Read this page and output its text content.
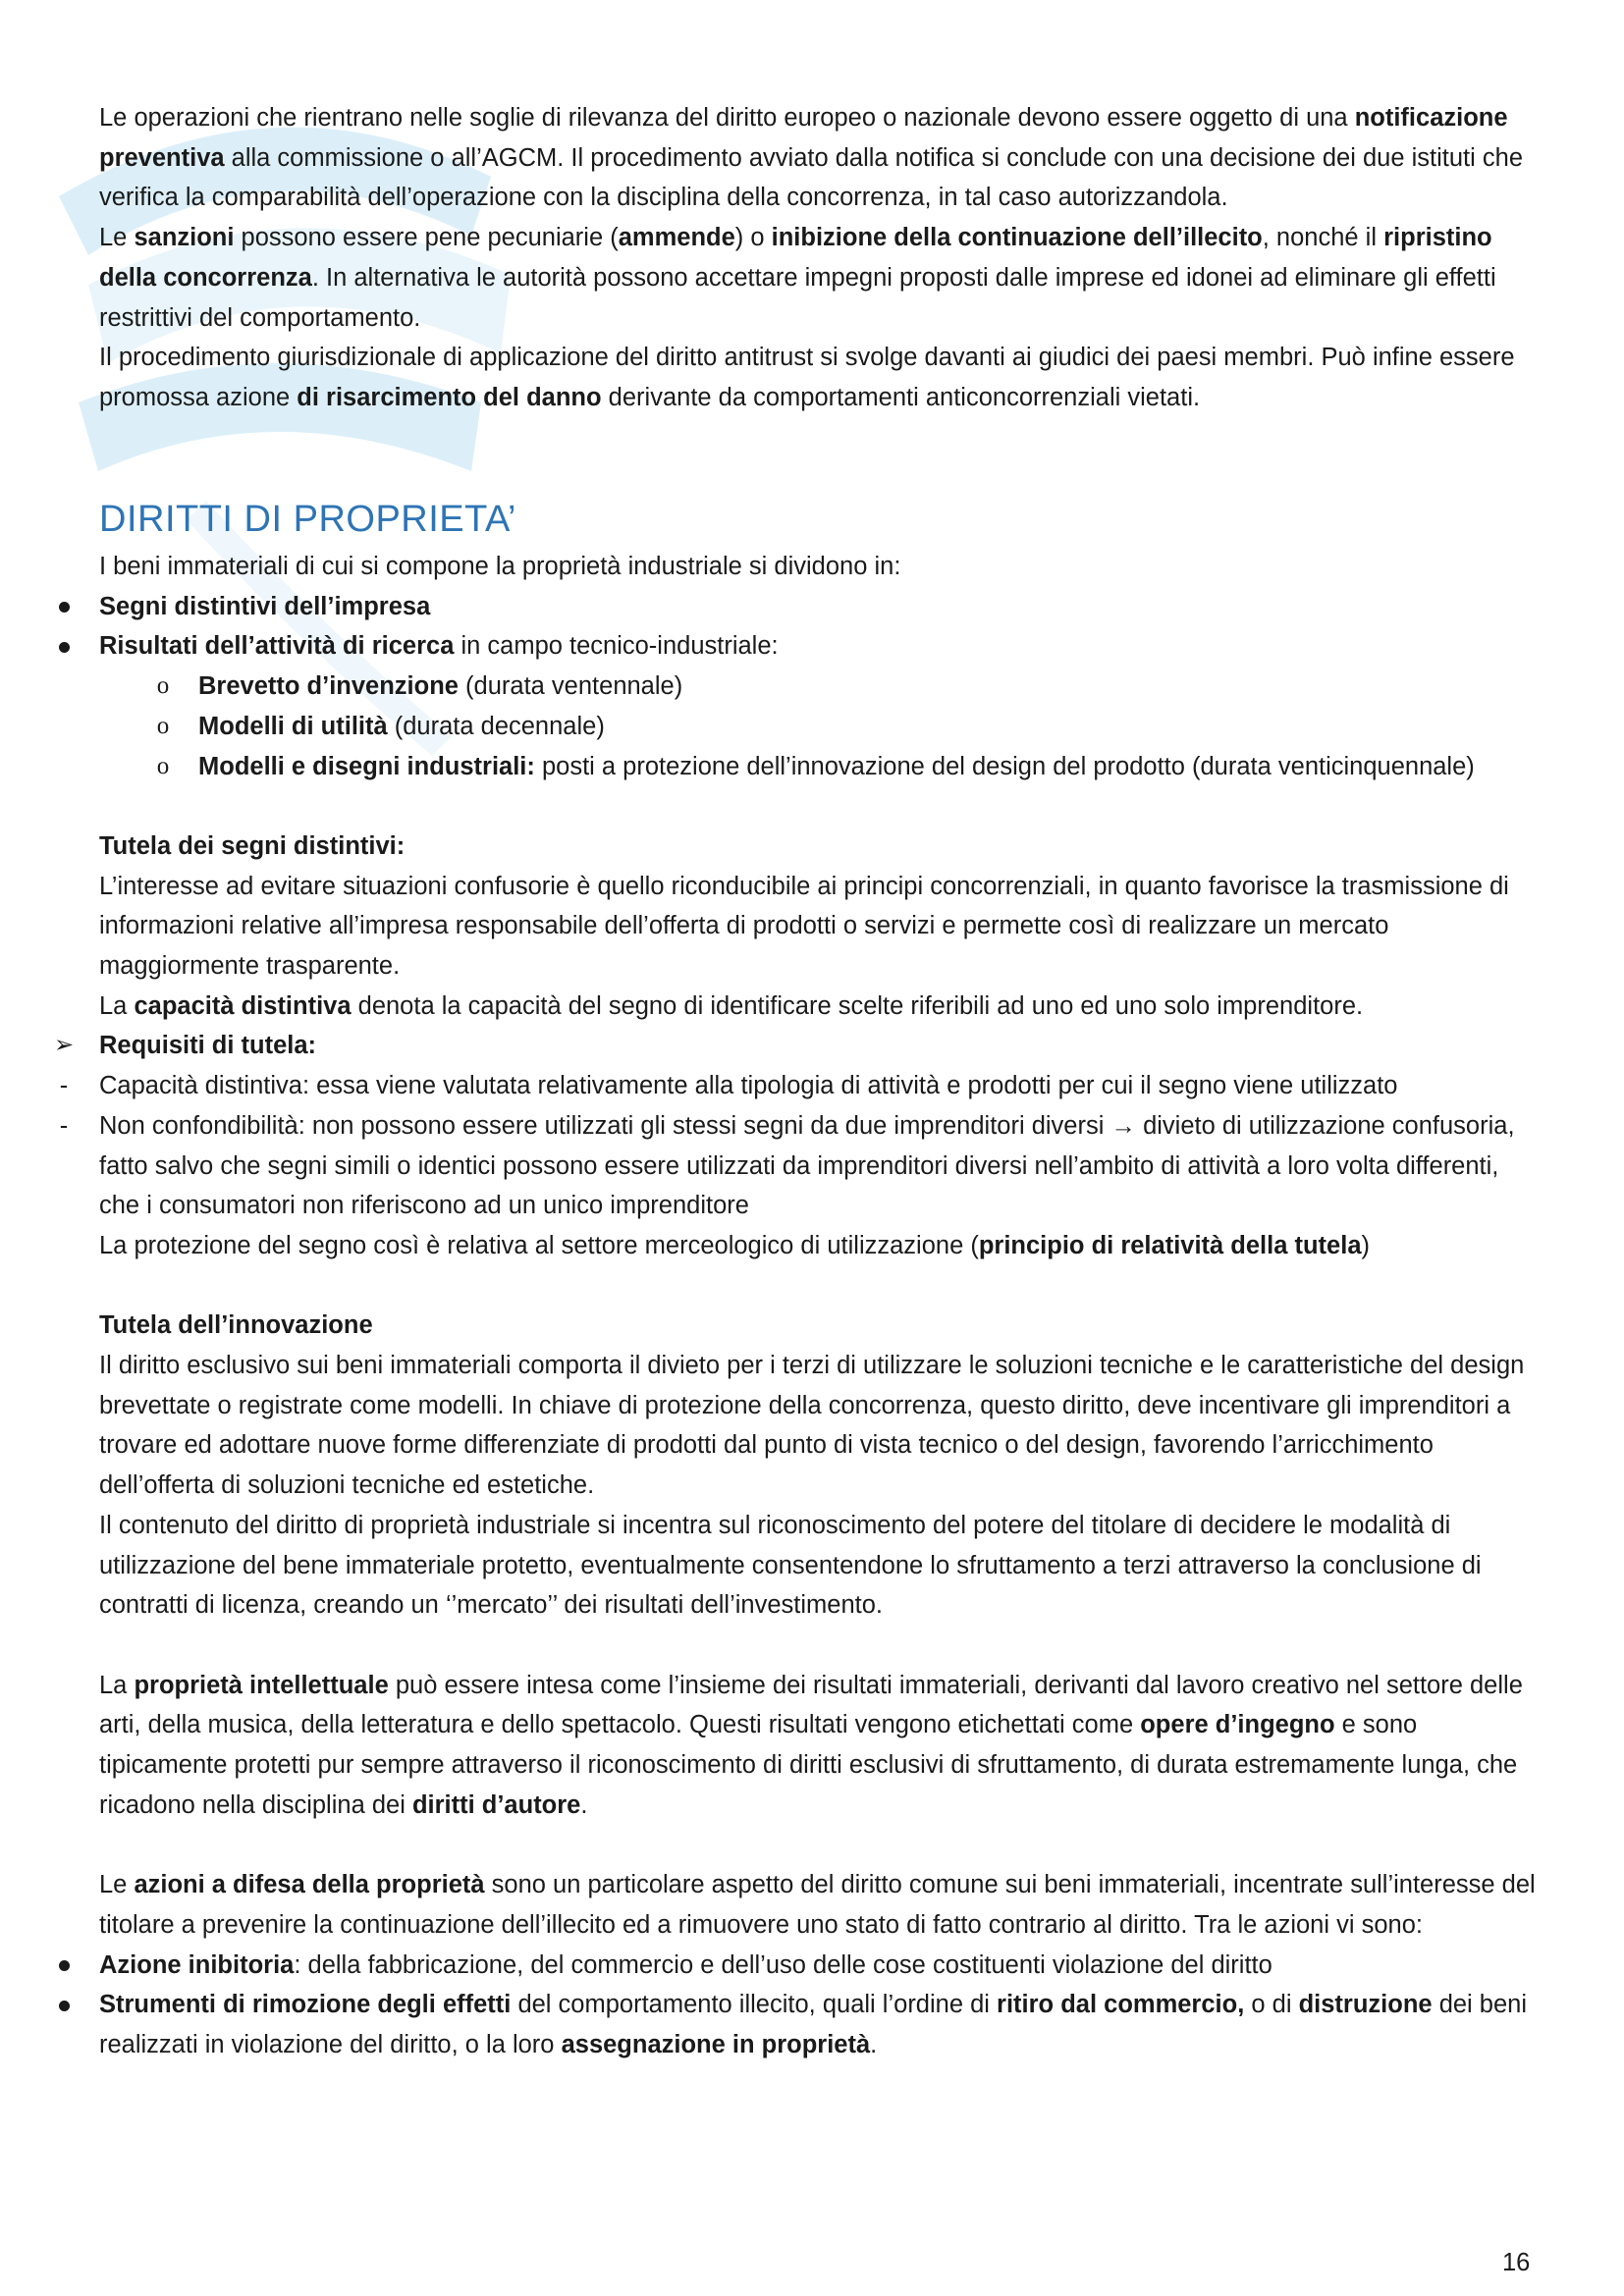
Le operazioni che rientrano nelle soglie di rilevanza del diritto europeo o nazionale devono essere oggetto di una notificazione preventiva alla commissione o all’AGCM. Il procedimento avviato dalla notifica si conclude con una decisione dei due istituti che verifica la comparabilità dell’operazione con la disciplina della concorrenza, in tal caso autorizzandola.

Le sanzioni possono essere pene pecuniarie (ammende) o inibizione della continuazione dell’illecito, nonché il ripristino della concorrenza. In alternativa le autorità possono accettare impegni proposti dalle imprese ed idonei ad eliminare gli effetti restrittivi del comportamento.

Il procedimento giurisdizionale di applicazione del diritto antitrust si svolge davanti ai giudici dei paesi membri. Può infine essere promossa azione di risarcimento del danno derivante da comportamenti anticoncorrenziali vietati.

DIRITTI DI PROPRIETA’

I beni immateriali di cui si compone la proprietà industriale si dividono in:

Segni distintivi dell’impresa
Risultati dell’attività di ricerca in campo tecnico-industriale:
o	Brevetto d’invenzione (durata ventennale)
o	Modelli di utilità (durata decennale)
o	Modelli e disegni industriali: posti a protezione dell’innovazione del design del prodotto (durata venticinquennale)

Tutela dei segni distintivi:

L’interesse ad evitare situazioni confusorie è quello riconducibile ai principi concorrenziali, in quanto favorisce la trasmissione di informazioni relative all’impresa responsabile dell’offerta di prodotti o servizi e permette così di realizzare un mercato maggiormente trasparente.

La capacità distintiva denota la capacità del segno di identificare scelte riferibili ad uno ed uno solo imprenditore.

➢	Requisiti di tutela:
-	Capacità distintiva: essa viene valutata relativamente alla tipologia di attività e prodotti per cui il segno viene utilizzato
-	Non confondibilità: non possono essere utilizzati gli stessi segni da due imprenditori diversi → divieto di utilizzazione confusoria, fatto salvo che segni simili o identici possono essere utilizzati da imprenditori diversi nell’ambito di attività a loro volta differenti, che i consumatori non riferiscono ad un unico imprenditore

La protezione del segno così è relativa al settore merceologico di utilizzazione (principio di relatività della tutela)

Tutela dell’innovazione

Il diritto esclusivo sui beni immateriali comporta il divieto per i terzi di utilizzare le soluzioni tecniche e le caratteristiche del design brevettate o registrate come modelli. In chiave di protezione della concorrenza, questo diritto, deve incentivare gli imprenditori a trovare ed adottare nuove forme differenziate di prodotti dal punto di vista tecnico o del design, favorendo l’arricchimento dell’offerta di soluzioni tecniche ed estetiche.

Il contenuto del diritto di proprietà industriale si incentra sul riconoscimento del potere del titolare di decidere le modalità di utilizzazione del bene immateriale protetto, eventualmente consentendone lo sfruttamento a terzi attraverso la conclusione di contratti di licenza, creando un ‘’mercato’’ dei risultati dell’investimento.

La proprietà intellettuale può essere intesa come l’insieme dei risultati immateriali, derivanti dal lavoro creativo nel settore delle arti, della musica, della letteratura e dello spettacolo. Questi risultati vengono etichettati come opere d’ingegno e sono tipicamente protetti pur sempre attraverso il riconoscimento di diritti esclusivi di sfruttamento, di durata estremamente lunga, che ricadono nella disciplina dei diritti d’autore.

Le azioni a difesa della proprietà sono un particolare aspetto del diritto comune sui beni immateriali, incentrate sull’interesse del titolare a prevenire la continuazione dell’illecito ed a rimuovere uno stato di fatto contrario al diritto. Tra le azioni vi sono:

Azione inibitoria: della fabbricazione, del commercio e dell’uso delle cose costituenti violazione del diritto
Strumenti di rimozione degli effetti del comportamento illecito, quali l’ordine di ritiro dal commercio, o di distruzione dei beni realizzati in violazione del diritto, o la loro assegnazione in proprietà.
16
